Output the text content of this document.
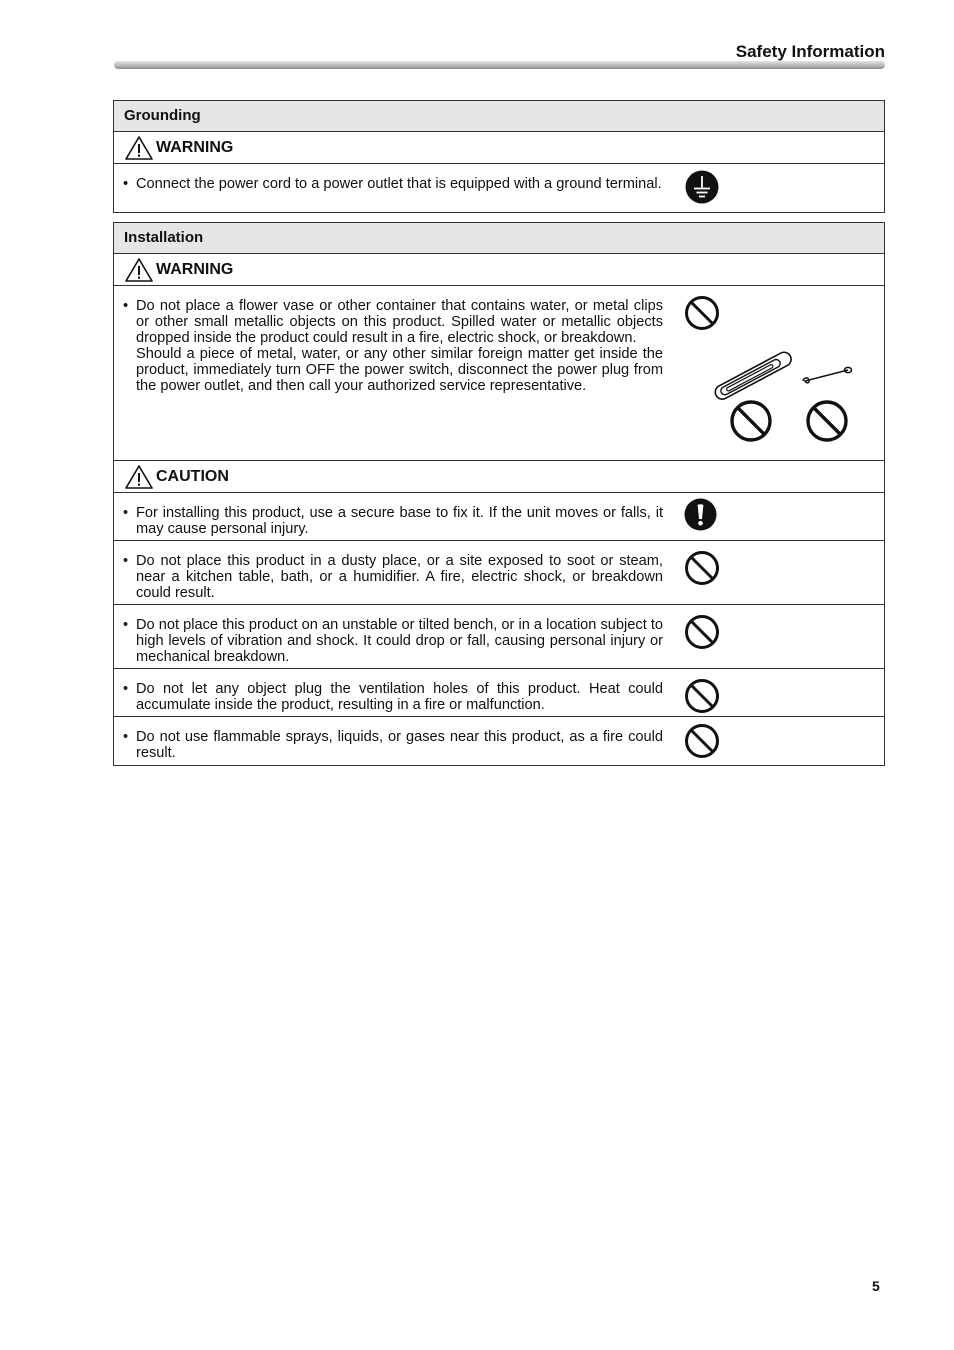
Safety Information
Grounding
WARNING
• Connect the power cord to a power outlet that is equipped with a ground terminal.
Installation
WARNING
• Do not place a flower vase or other container that contains water, or metal clips or other small metallic objects on this product. Spilled water or metallic objects dropped inside the product could result in a fire, electric shock, or breakdown.

Should a piece of metal, water, or any other similar foreign matter get inside the product, immediately turn OFF the power switch, disconnect the power plug from the power outlet, and then call your authorized service representative.

CAUTION
• For installing this product, use a secure base to fix it. If the unit moves or falls, it may cause personal injury.
• Do not place this product in a dusty place, or a site exposed to soot or steam, near a kitchen table, bath, or a humidifier. A fire, electric shock, or breakdown could result.
• Do not place this product on an unstable or tilted bench, or in a location subject to high levels of vibration and shock. It could drop or fall, causing personal injury or mechanical breakdown.
• Do not let any object plug the ventilation holes of this product. Heat could accumulate inside the product, resulting in a fire or malfunction.
• Do not use flammable sprays, liquids, or gases near this product, as a fire could result.
5
